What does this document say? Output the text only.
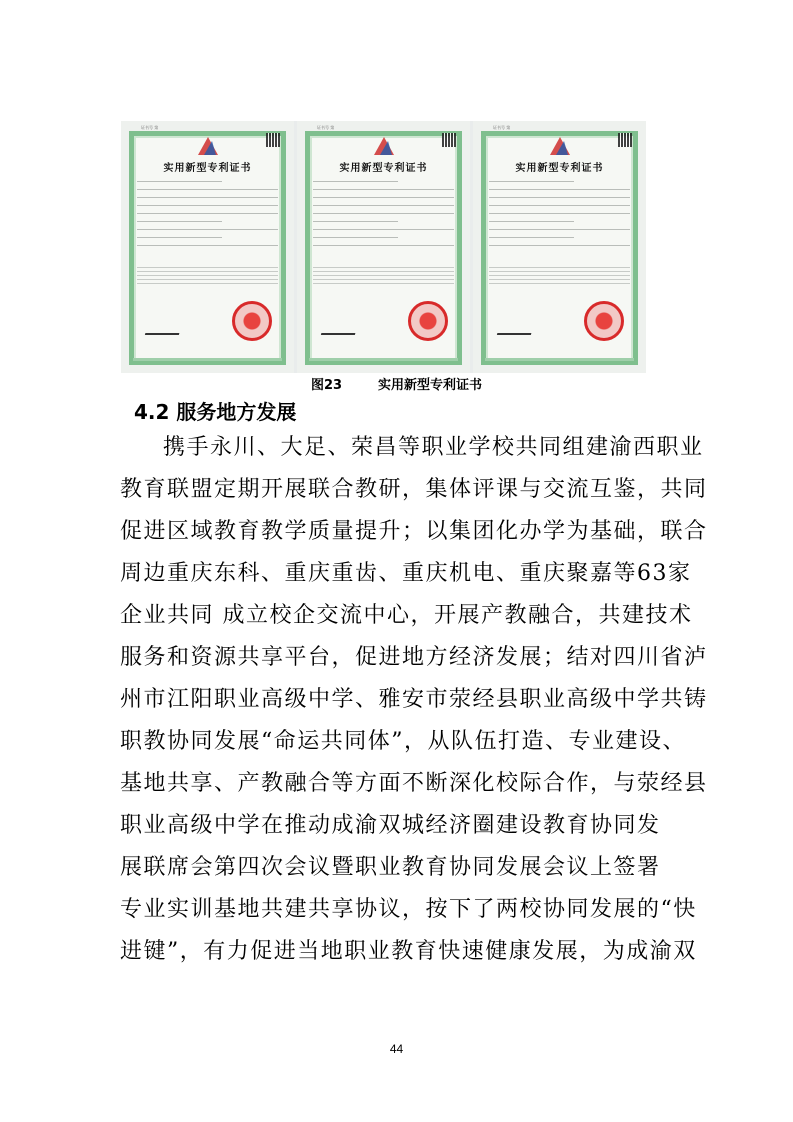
证书号 第
实用新型专利证书
证书号 第
实用新型专利证书
证书号 第
实用新型专利证书
图23	实用新型专利证书
4.2 服务地方发展
携手永川、大足、荣昌等职业学校共同组建渝西职业
教育联盟定期开展联合教研，集体评课与交流互鉴，共同
促进区域教育教学质量提升；以集团化办学为基础，联合
周边重庆东科、重庆重齿、重庆机电、重庆聚嘉等63家
企业共同 成立校企交流中心，开展产教融合，共建技术
服务和资源共享平台，促进地方经济发展；结对四川省泸
州市江阳职业高级中学、雅安市荥经县职业高级中学共铸
职教协同发展“命运共同体”，从队伍打造、专业建设、
基地共享、产教融合等方面不断深化校际合作，与荥经县
职业高级中学在推动成渝双城经济圈建设教育协同发
展联席会第四次会议暨职业教育协同发展会议上签署
专业实训基地共建共享协议，按下了两校协同发展的“快
进键”，有力促进当地职业教育快速健康发展，为成渝双
44
